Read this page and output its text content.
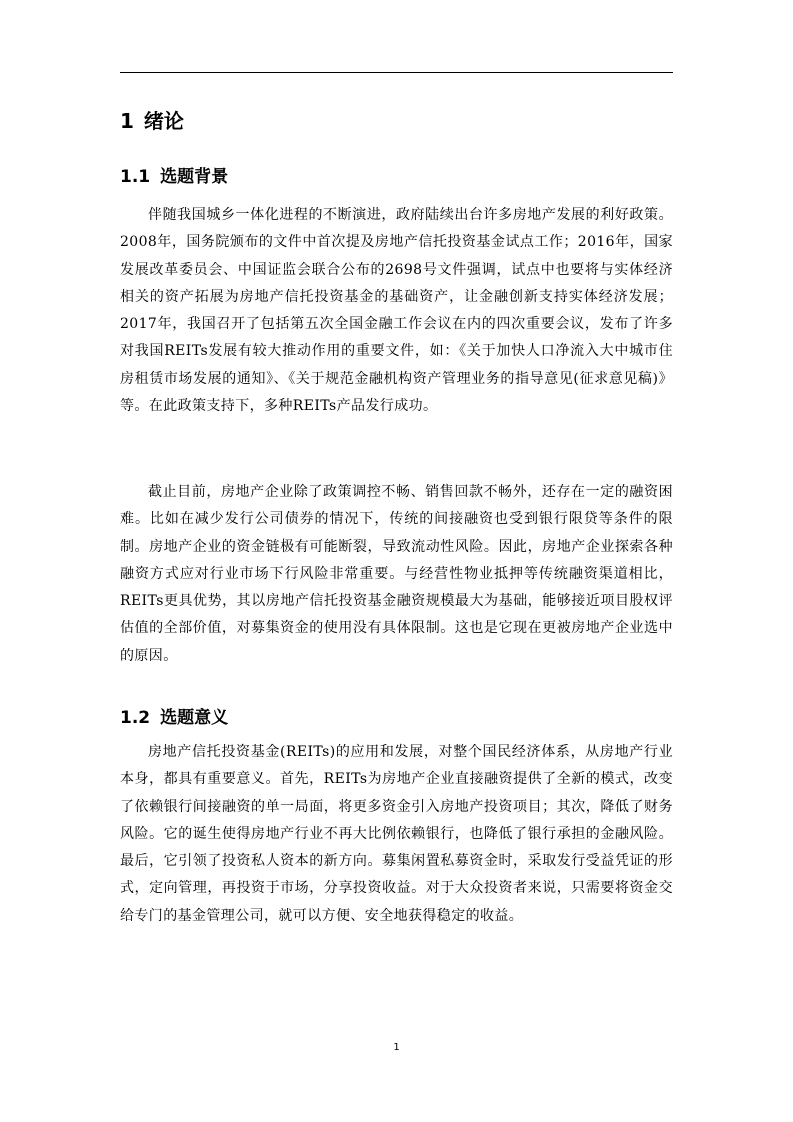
1 绪论
1.1 选题背景

伴随我国城乡一体化进程的不断演进，政府陆续出台许多房地产发展的利好政策。2008年，国务院颁布的文件中首次提及房地产信托投资基金试点工作；2016年，国家发展改革委员会、中国证监会联合公布的2698号文件强调，试点中也要将与实体经济相关的资产拓展为房地产信托投资基金的基础资产，让金融创新支持实体经济发展；2017年，我国召开了包括第五次全国金融工作会议在内的四次重要会议，发布了许多对我国REITs发展有较大推动作用的重要文件，如：《关于加快人口净流入大中城市住房租赁市场发展的通知》、《关于规范金融机构资产管理业务的指导意见(征求意见稿)》等。在此政策支持下，多种REITs产品发行成功。

截止目前，房地产企业除了政策调控不畅、销售回款不畅外，还存在一定的融资困难。比如在减少发行公司债券的情况下，传统的间接融资也受到银行限贷等条件的限制。房地产企业的资金链极有可能断裂，导致流动性风险。因此，房地产企业探索各种融资方式应对行业市场下行风险非常重要。与经营性物业抵押等传统融资渠道相比，REITs更具优势，其以房地产信托投资基金融资规模最大为基础，能够接近项目股权评估值的全部价值，对募集资金的使用没有具体限制。这也是它现在更被房地产企业选中的原因。

1.2 选题意义

房地产信托投资基金(REITs)的应用和发展，对整个国民经济体系，从房地产行业本身，都具有重要意义。首先，REITs为房地产企业直接融资提供了全新的模式，改变了依赖银行间接融资的单一局面，将更多资金引入房地产投资项目；其次，降低了财务风险。它的诞生使得房地产行业不再大比例依赖银行，也降低了银行承担的金融风险。最后，它引领了投资私人资本的新方向。募集闲置私募资金时，采取发行受益凭证的形式，定向管理，再投资于市场，分享投资收益。对于大众投资者来说，只需要将资金交给专门的基金管理公司，就可以方便、安全地获得稳定的收益。

1
